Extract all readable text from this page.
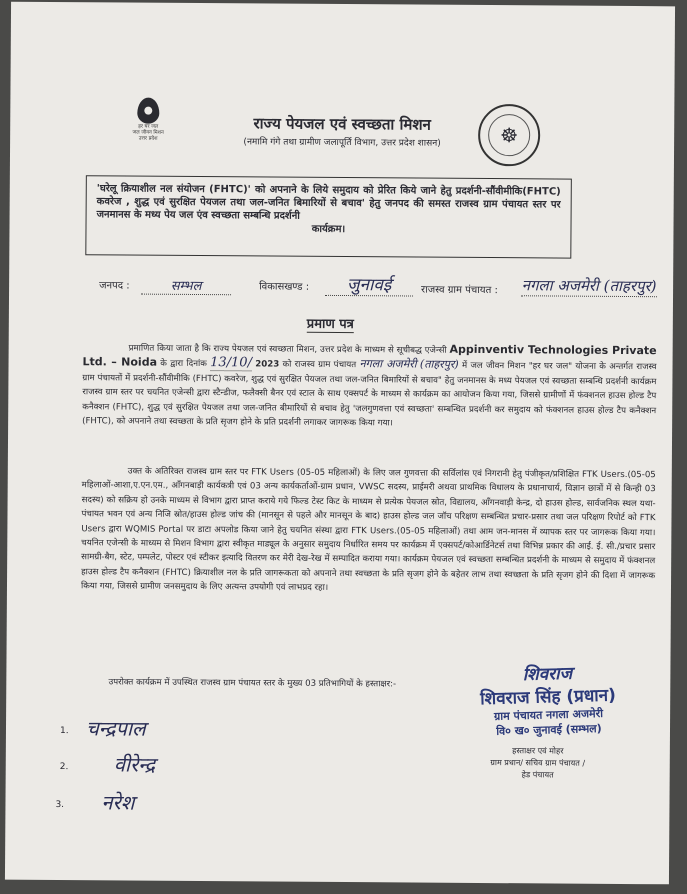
हर घर जल
जल जीवन मिशन
उत्तर प्रदेश
राज्य पेयजल एवं स्वच्छता मिशन
(नमामि गंगे तथा ग्रामीण जलापूर्ति विभाग, उत्तर प्रदेश शासन)	☸
'घरेलू क्रियाशील नल संयोजन (FHTC)' को अपनाने के लिये समुदाय को प्रेरित किये जाने हेतु प्रदर्शनी-सौंवीमीकि(FHTC) कवरेज , शुद्ध एवं सुरक्षित पेयजल तथा जल-जनित बिमारियों से बचाव' हेतु जनपद की समस्त राजस्व ग्राम पंचायत स्तर पर जनमानस के मध्य पेय जल एंव स्वच्छता सम्बन्धि प्रदर्शनी
कार्यक्रम।
जनपद :	सम्भल	विकासखण्ड :	जुनावई	राजस्व ग्राम पंचायत : नगला अजमेरी (ताहरपुर)
प्रमाण पत्र
प्रमाणित किया जाता है कि राज्य पेयजल एवं स्वच्छता मिशन, उत्तर प्रदेश के माध्यम से सूचीबद्ध एजेन्सी Appinventiv Technologies Private Ltd. – Noida के द्वारा दिनांक 13/10/ 2023 को राजस्व ग्राम पंचायत नगला अजमेरी (ताहरपुर) में जल जीवन मिशन "हर घर जल" योजना के अन्तर्गत राजस्व ग्राम पंचायतों में प्रदर्शनी-सौंवीमीकि (FHTC) कवरेज, शुद्ध एवं सुरक्षित पेयजल तथा जल-जनित बिमारियों से बचाव" हेतु जनमानस के मध्य पेयजल एवं स्वच्छता सम्बन्धि प्रदर्शनी कार्यक्रम राजस्व ग्राम स्तर पर चयनित एजेन्सी द्वारा स्टैन्डीज, फलैक्सी बैनर एवं स्टाल के साथ एक्सपर्ट के माध्यम से कार्यक्रम का आयोजन किया गया, जिससे ग्रामीणों में फंक्शनल हाउस होल्ड टैप कनैक्शन (FHTC), शुद्ध एवं सुरक्षित पेयजल तथा जल-जनित बीमारियों से बचाव हेतु 'जलगुणवत्ता एवं स्वच्छता' सम्बन्धित प्रदर्शनी कर समुदाय को फंक्शनल हाउस होल्ड टैप कनैक्शन (FHTC), को अपनाने तथा स्वच्छता के प्रति सृजग होने के प्रति प्रदर्शनी लगाकर जागरूक किया गया।
उक्त के अतिरिक्त राजस्व ग्राम स्तर पर FTK Users (05-05 महिलाओं) के लिए जल गुणवत्ता की सर्विलांस एवं निगरानी हेतु पंजीकृत/प्रशिक्षित FTK Users.(05-05 महिलाओं-आशा,ए.एन.एम., आँगनबाड़ी कार्यकत्री एवं 03 अन्य कार्यकर्ताओं-ग्राम प्रधान, VWSC सदस्य, प्राईमरी अथवा प्राथमिक विधालय के प्रधानाचार्य, विज्ञान छात्रों में से किन्ही 03 सदस्य) को सक्रिय हो उनके माध्यम से विभाग द्वारा प्राप्त कराये गये फिल्ड टेस्ट किट के माध्यम से प्रत्येक पेयजल स्रोत, विद्यालय, आँगनवाड़ी केन्द्र, दो हाउस होल्ड, सार्वजनिक स्थल यथा-पंचायत भवन एवं अन्य निजि स्रोत/हाउस होल्ड जांच की (मानसून से पहले और मानसून के बाद) हाउस होल्ड जल जॉच परिक्षण सम्बन्धित प्रचार-प्रसार तथा जल परिक्षण रिपोर्ट को FTK Users द्वारा WQMIS Portal पर डाटा अपलोड किया जाने हेतु चयनित संस्था द्वारा FTK Users.(05-05 महिलाओं) तथा आम जन-मानस में व्यापक स्तर पर जागरूक किया गया। चयनित एजेन्सी के माध्यम से मिशन विभाग द्वारा स्वीकृत माड्यूल के अनुसार समुदाय निर्धारित समय पर कार्यक्रम में एक्सपर्ट/कोआर्डिनेटर्स तथा विभिन्न प्रकार की आई. ई. सी./प्रचार प्रसार सामग्री-बैग, स्टेट, पम्पलेट, पोस्टर एवं स्टीकर इत्यादि वितरण कर मेरी देख-रेख में सम्पादित कराया गया। कार्यक्रम पेयजल एवं स्वच्छता सम्बन्धित प्रदर्शनी के माध्यम से समुदाय में फंक्शनल हाउस होल्ड टैप कनैक्शन (FHTC) क्रियाशील नल के प्रति जागरूकता को अपनाने तथा स्वच्छता के प्रति सृजग होने के बहेतर लाभ तथा स्वच्छता के प्रति सृजग होने की दिशा में जागरूक किया गया, जिससे ग्रामीण जनसमुदाय के लिए अत्यन्त उपयोगी एवं लाभप्रद रहा।
उपरोक्त कार्यक्रम में उपस्थित राजस्व ग्राम पंचायत स्तर के मुख्य 03 प्रतिभागियों के हस्ताक्षर:-
1. चन्द्रपाल
2. वीरेन्द्र
3. नरेश
शिवराज
शिवराज सिंह (प्रधान)
ग्राम पंचायत नगला अजमेरी
वि० ख० जुनावई (सम्भल)
हस्ताक्षर एवं मोहर
ग्राम प्रधान/ सचिव ग्राम पंचायत /
हेड पंचायत
